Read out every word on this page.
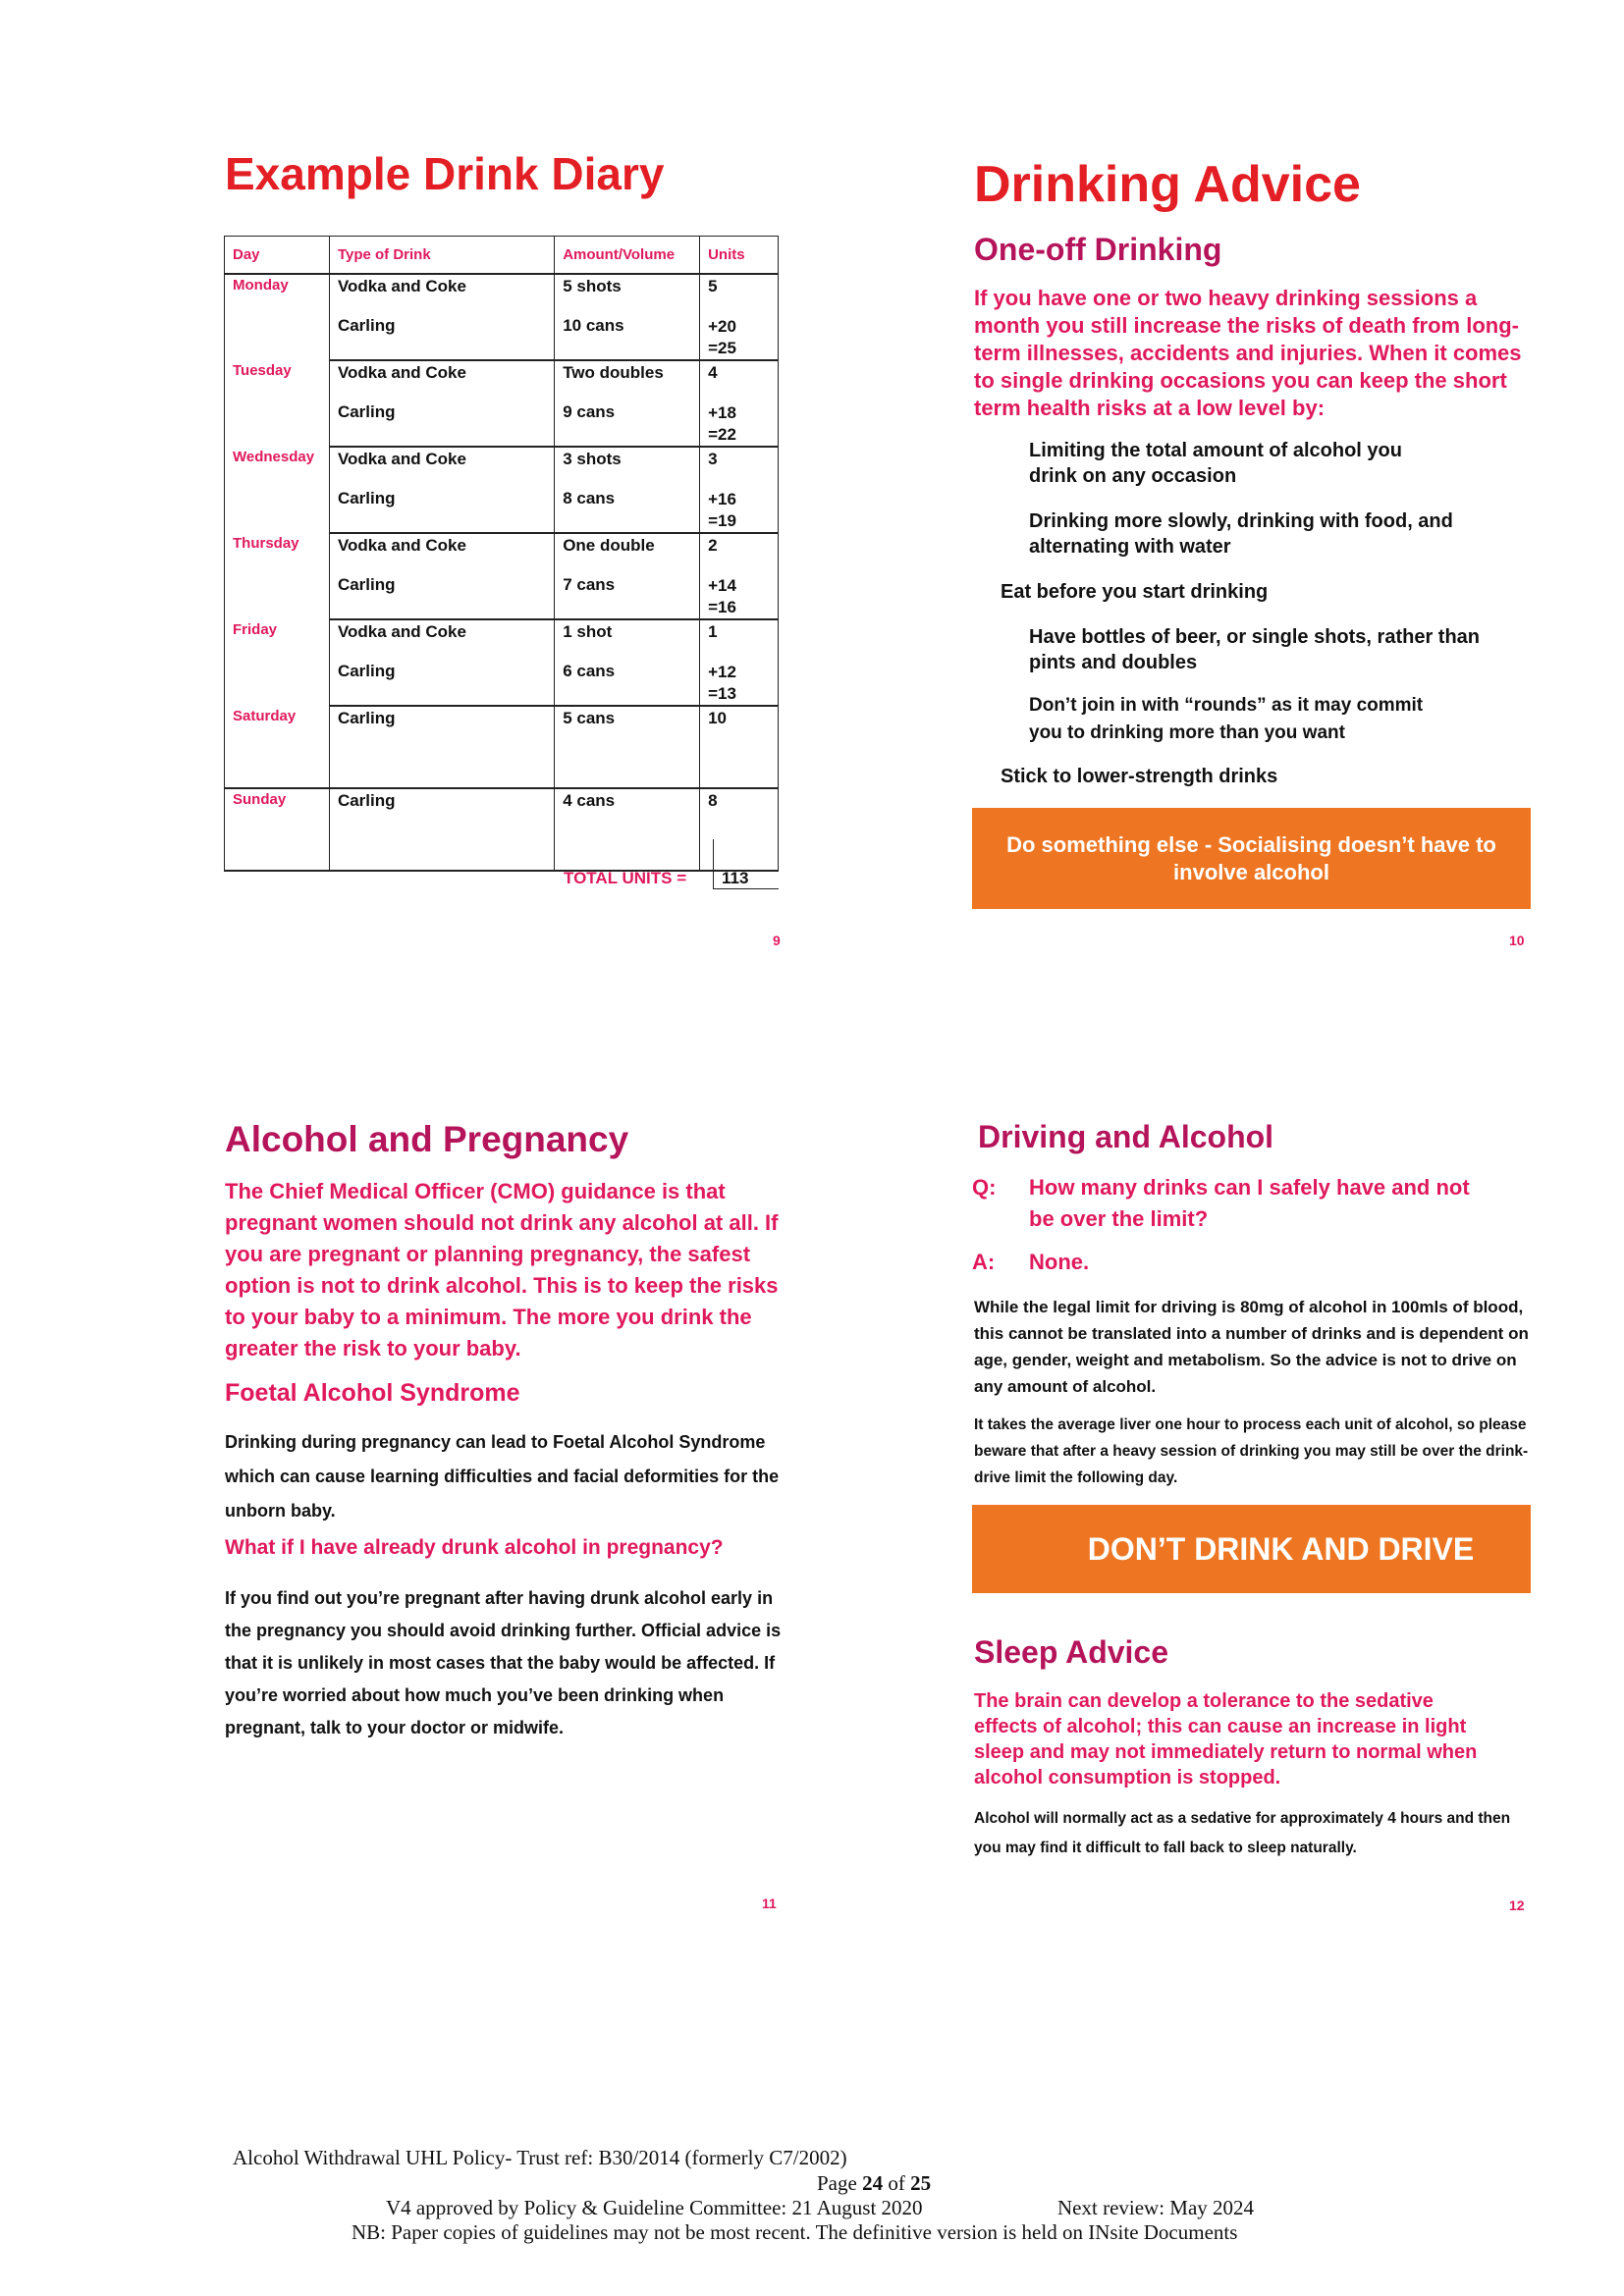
Example Drink Diary
Day	Type of Drink	Amount/Volume	Units
Monday	Vodka and Coke	5 shots	5
	Carling	10 cans	+20
=25

Tuesday	Vodka and Coke	Two doubles	4
	Carling	9 cans	+18
=22

Wednesday	Vodka and Coke	3 shots	3
	Carling	8 cans	+16
=19

Thursday	Vodka and Coke	One double	2
	Carling	7 cans	+14
=16

Friday	Vodka and Coke	1 shot	1
	Carling	6 cans	+12
=13

Saturday	Carling	5 cans	10
Sunday	Carling	4 cans	8
TOTAL UNITS = 113
9
Drinking Advice
One-off Drinking
If you have one or two heavy drinking sessions a month you still increase the risks of death from long-term illnesses, accidents and injuries. When it comes to single drinking occasions you can keep the short term health risks at a low level by:
Limiting the total amount of alcohol you drink on any occasion
Drinking more slowly, drinking with food, and alternating with water
Eat before you start drinking
Have bottles of beer, or single shots, rather than pints and doubles
Don’t join in with “rounds” as it may commit you to drinking more than you want
Stick to lower-strength drinks
Do something else - Socialising doesn’t have to involve alcohol
10
Alcohol and Pregnancy
The Chief Medical Officer (CMO) guidance is that pregnant women should not drink any alcohol at all. If you are pregnant or planning pregnancy, the safest option is not to drink alcohol. This is to keep the risks to your baby to a minimum. The more you drink the greater the risk to your baby.
Foetal Alcohol Syndrome
Drinking during pregnancy can lead to Foetal Alcohol Syndrome which can cause learning difficulties and facial deformities for the unborn baby.
What if I have already drunk alcohol in pregnancy?
If you find out you’re pregnant after having drunk alcohol early in the pregnancy you should avoid drinking further. Official advice is that it is unlikely in most cases that the baby would be affected. If you’re worried about how much you’ve been drinking when pregnant, talk to your doctor or midwife.
11
Driving and Alcohol
Q: How many drinks can I safely have and not be over the limit?
A: None.
While the legal limit for driving is 80mg of alcohol in 100mls of blood, this cannot be translated into a number of drinks and is dependent on age, gender, weight and metabolism. So the advice is not to drive on any amount of alcohol.
It takes the average liver one hour to process each unit of alcohol, so please beware that after a heavy session of drinking you may still be over the drink-drive limit the following day.
DON’T DRINK AND DRIVE
Sleep Advice
The brain can develop a tolerance to the sedative effects of alcohol; this can cause an increase in light sleep and may not immediately return to normal when alcohol consumption is stopped.
Alcohol will normally act as a sedative for approximately 4 hours and then you may find it difficult to fall back to sleep naturally.
12
Alcohol Withdrawal UHL Policy- Trust ref: B30/2014 (formerly C7/2002)
Page 24 of 25
V4 approved by Policy & Guideline Committee: 21 August 2020	Next review: May 2024
NB: Paper copies of guidelines may not be most recent. The definitive version is held on INsite Documents
